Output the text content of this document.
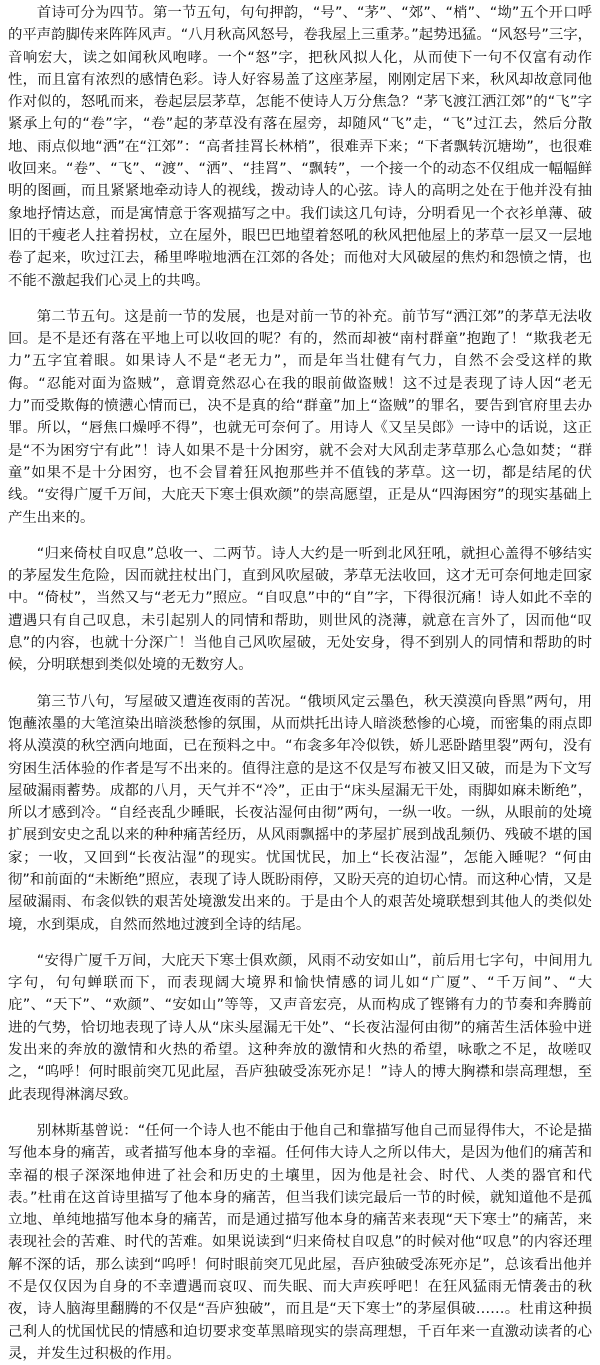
首诗可分为四节。第一节五句，句句押韵，“号”、“茅”、“郊”、“梢”、“坳”五个开口呼的平声韵脚传来阵阵风声。“八月秋高风怒号，卷我屋上三重茅。”起势迅猛。“风怒号”三字，音响宏大，读之如闻秋风咆哮。一个“怒”字，把秋风拟人化，从而使下一句不仅富有动作性，而且富有浓烈的感情色彩。诗人好容易盖了这座茅屋，刚刚定居下来，秋风却故意同他作对似的，怒吼而来，卷起层层茅草，怎能不使诗人万分焦急？“茅飞渡江洒江郊”的“飞”字紧承上句的“卷”字，“卷”起的茅草没有落在屋旁，却随风“飞”走，“飞”过江去，然后分散地、雨点似地“洒”在“江郊”：“高者挂罥长林梢”，很难弄下来；“下者飘转沉塘坳”，也很难收回来。“卷”、“飞”、“渡”、“洒”、“挂罥”、“飘转”，一个接一个的动态不仅组成一幅幅鲜明的图画，而且紧紧地牵动诗人的视线，拨动诗人的心弦。诗人的高明之处在于他并没有抽象地抒情达意，而是寓情意于客观描写之中。我们读这几句诗，分明看见一个衣衫单薄、破旧的干瘦老人拄着拐杖，立在屋外，眼巴巴地望着怒吼的秋风把他屋上的茅草一层又一层地卷了起来，吹过江去，稀里哗啦地洒在江郊的各处；而他对大风破屋的焦灼和怨愤之情，也不能不激起我们心灵上的共鸣。

第二节五句。这是前一节的发展，也是对前一节的补充。前节写“洒江郊”的茅草无法收回。是不是还有落在平地上可以收回的呢？有的，然而却被“南村群童”抱跑了！“欺我老无力”五字宜着眼。如果诗人不是“老无力”，而是年当壮健有气力，自然不会受这样的欺侮。“忍能对面为盗贼”，意谓竟然忍心在我的眼前做盗贼！这不过是表现了诗人因“老无力”而受欺侮的愤懑心情而已，决不是真的给“群童”加上“盗贼”的罪名，要告到官府里去办罪。所以，“唇焦口燥呼不得”，也就无可奈何了。用诗人《又呈吴郎》一诗中的话说，这正是“不为困穷宁有此”！诗人如果不是十分困穷，就不会对大风刮走茅草那么心急如焚；“群童”如果不是十分困穷，也不会冒着狂风抱那些并不值钱的茅草。这一切，都是结尾的伏线。“安得广厦千万间，大庇天下寒士俱欢颜”的崇高愿望，正是从“四海困穷”的现实基础上产生出来的。

“归来倚杖自叹息”总收一、二两节。诗人大约是一听到北风狂吼，就担心盖得不够结实的茅屋发生危险，因而就拄杖出门，直到风吹屋破，茅草无法收回，这才无可奈何地走回家中。“倚杖”，当然又与“老无力”照应。“自叹息”中的“自”字，下得很沉痛！诗人如此不幸的遭遇只有自己叹息，未引起别人的同情和帮助，则世风的浇薄，就意在言外了，因而他“叹息”的内容，也就十分深广！当他自己风吹屋破，无处安身，得不到别人的同情和帮助的时候，分明联想到类似处境的无数穷人。

第三节八句，写屋破又遭连夜雨的苦况。“俄顷风定云墨色，秋天漠漠向昏黑”两句，用饱蘸浓墨的大笔渲染出暗淡愁惨的氛围，从而烘托出诗人暗淡愁惨的心境，而密集的雨点即将从漠漠的秋空洒向地面，已在预料之中。“布衾多年冷似铁，娇儿恶卧踏里裂”两句，没有穷困生活体验的作者是写不出来的。值得注意的是这不仅是写布被又旧又破，而是为下文写屋破漏雨蓄势。成都的八月，天气并不“冷”，正由于“床头屋漏无干处，雨脚如麻未断绝”，所以才感到冷。“自经丧乱少睡眠，长夜沾湿何由彻”两句，一纵一收。一纵，从眼前的处境扩展到安史之乱以来的种种痛苦经历，从风雨飘摇中的茅屋扩展到战乱频仍、残破不堪的国家；一收，又回到“长夜沾湿”的现实。忧国忧民，加上“长夜沾湿”，怎能入睡呢？“何由彻”和前面的“未断绝”照应，表现了诗人既盼雨停，又盼天亮的迫切心情。而这种心情，又是屋破漏雨、布衾似铁的艰苦处境激发出来的。于是由个人的艰苦处境联想到其他人的类似处境，水到渠成，自然而然地过渡到全诗的结尾。

“安得广厦千万间，大庇天下寒士俱欢颜，风雨不动安如山”，前后用七字句，中间用九字句，句句蝉联而下，而表现阔大境界和愉快情感的词儿如“广厦”、“千万间”、“大庇”、“天下”、“欢颜”、“安如山”等等，又声音宏亮，从而构成了铿锵有力的节奏和奔腾前进的气势，恰切地表现了诗人从“床头屋漏无干处”、“长夜沾湿何由彻”的痛苦生活体验中迸发出来的奔放的激情和火热的希望。这种奔放的激情和火热的希望，咏歌之不足，故嗟叹之，“呜呼！何时眼前突兀见此屋，吾庐独破受冻死亦足！”诗人的博大胸襟和崇高理想，至此表现得淋漓尽致。

别林斯基曾说：“任何一个诗人也不能由于他自己和靠描写他自己而显得伟大，不论是描写他本身的痛苦，或者描写他本身的幸福。任何伟大诗人之所以伟大，是因为他们的痛苦和幸福的根子深深地伸进了社会和历史的土壤里，因为他是社会、时代、人类的器官和代表。”杜甫在这首诗里描写了他本身的痛苦，但当我们读完最后一节的时候，就知道他不是孤立地、单纯地描写他本身的痛苦，而是通过描写他本身的痛苦来表现“天下寒士”的痛苦，来表现社会的苦难、时代的苦难。如果说读到“归来倚杖自叹息”的时候对他“叹息”的内容还理解不深的话，那么读到“呜呼！何时眼前突兀见此屋，吾庐独破受冻死亦足”，总该看出他并不是仅仅因为自身的不幸遭遇而哀叹、而失眠、而大声疾呼吧！在狂风猛雨无情袭击的秋夜，诗人脑海里翻腾的不仅是“吾庐独破”，而且是“天下寒士”的茅屋俱破……。杜甫这种损己利人的忧国忧民的情感和迫切要求变革黑暗现实的崇高理想，千百年来一直激动读者的心灵，并发生过积极的作用。
